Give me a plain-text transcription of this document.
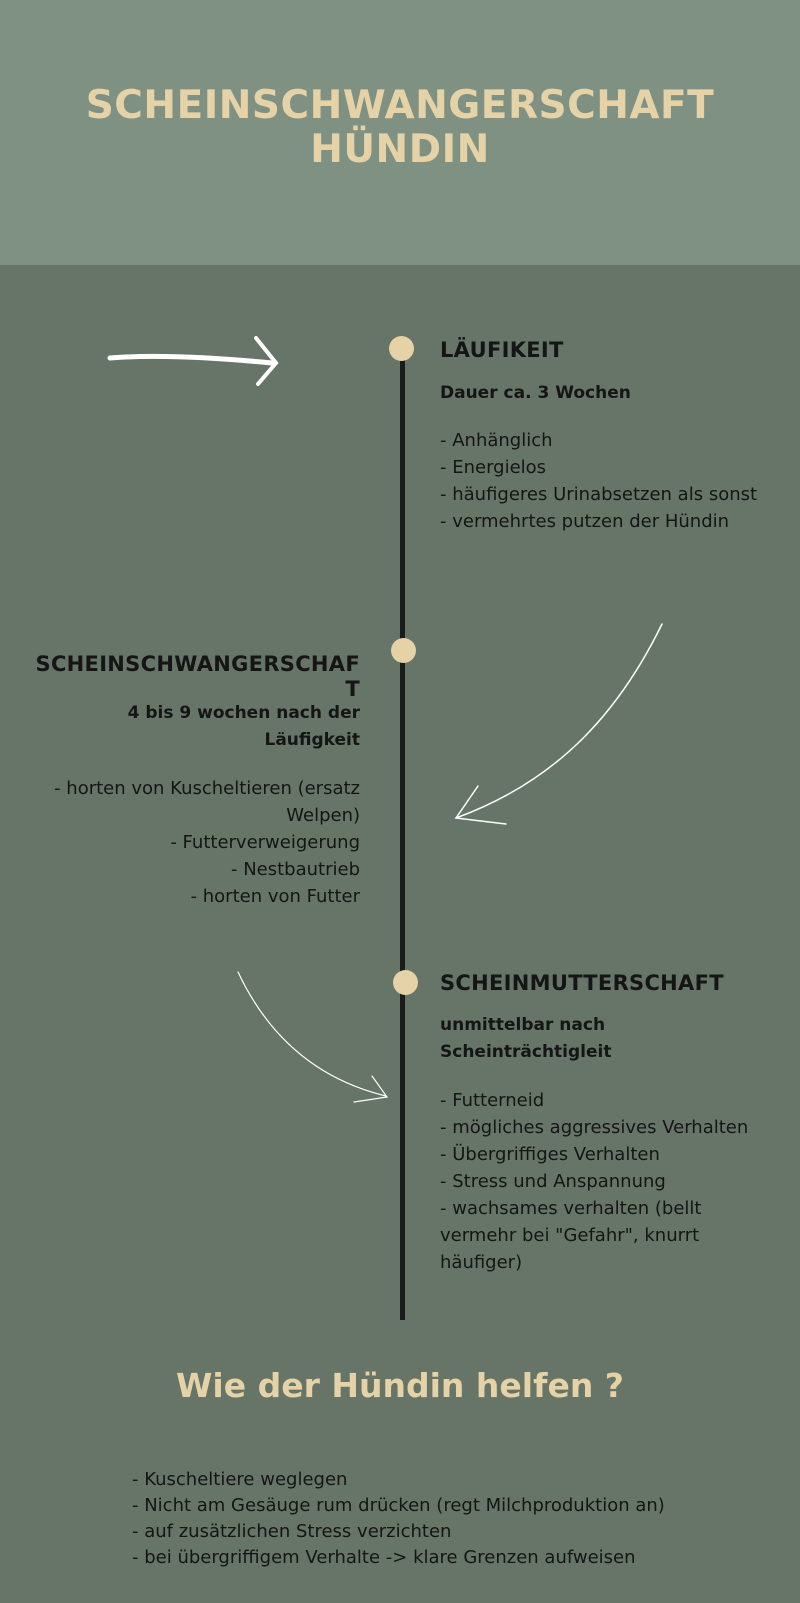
SCHEINSCHWANGERSCHAFT
HÜNDIN
LÄUFIKEIT
Dauer ca. 3 Wochen
- Anhänglich
- Energielos
- häufigeres Urinabsetzen als sonst
- vermehrtes putzen der Hündin
SCHEINSCHWANGERSCHAF
T
4 bis 9 wochen nach der
Läufigkeit
- horten von Kuscheltieren (ersatz
Welpen)
- Futterverweigerung
- Nestbautrieb
- horten von Futter
SCHEINMUTTERSCHAFT
unmittelbar nach
Scheinträchtigleit
- Futterneid
- mögliches aggressives Verhalten
- Übergriffiges Verhalten
- Stress und Anspannung
- wachsames verhalten (bellt
vermehr bei "Gefahr", knurrt
häufiger)
Wie der Hündin helfen ?
- Kuscheltiere weglegen
- Nicht am Gesäuge rum drücken (regt Milchproduktion an)
- auf zusätzlichen Stress verzichten
- bei übergriffigem Verhalte -> klare Grenzen aufweisen
